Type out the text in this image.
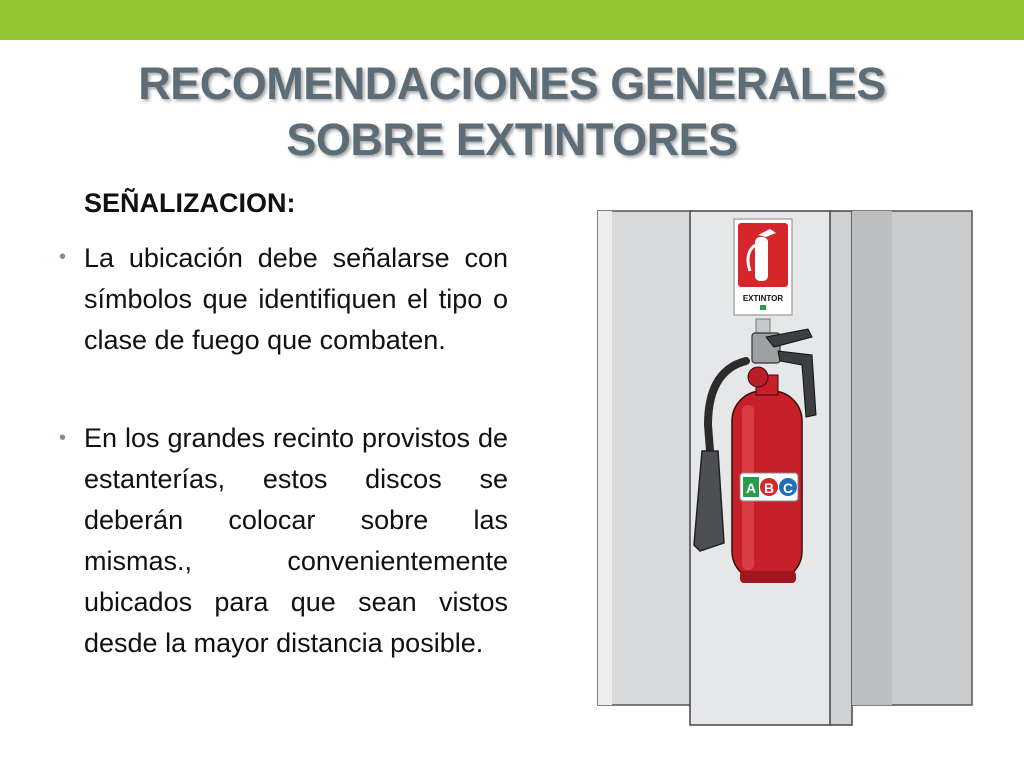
RECOMENDACIONES GENERALES
SOBRE EXTINTORES
SEÑALIZACION:
• La ubicación debe señalarse con símbolos que identifiquen el tipo o clase de fuego que combaten.
• En los grandes recinto provistos de estanterías, estos discos se deberán colocar sobre las mismas., convenientemente ubicados para que sean vistos desde la mayor distancia posible.
EXTINTOR
A B C
